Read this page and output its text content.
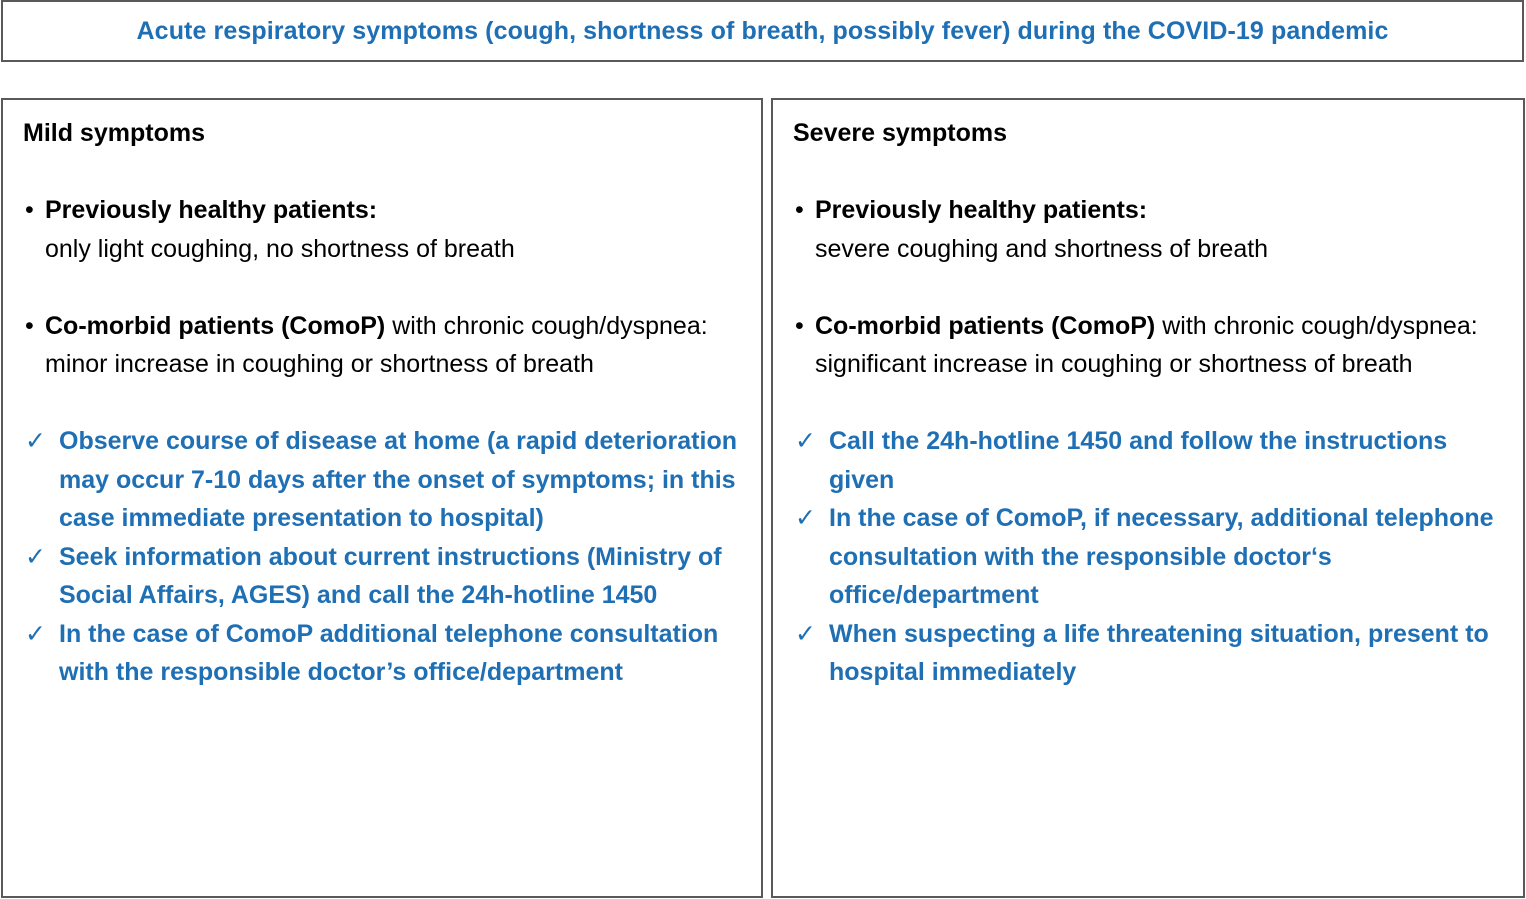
Acute respiratory symptoms (cough, shortness of breath, possibly fever) during the COVID-19 pandemic
Mild symptoms
• Previously healthy patients:
only light coughing, no shortness of breath
• Co-morbid patients (ComoP) with chronic cough/dyspnea: minor increase in coughing or shortness of breath
✓ Observe course of disease at home (a rapid deterioration may occur 7-10 days after the onset of symptoms; in this case immediate presentation to hospital)
✓ Seek information about current instructions (Ministry of Social Affairs, AGES) and call the 24h-hotline 1450
✓ In the case of ComoP additional telephone consultation with the responsible doctor’s office/department
Severe symptoms
• Previously healthy patients:
severe coughing and shortness of breath
• Co-morbid patients (ComoP) with chronic cough/dyspnea: significant increase in coughing or shortness of breath
✓ Call the 24h-hotline 1450 and follow the instructions given
✓ In the case of ComoP, if necessary, additional telephone consultation with the responsible doctor‘s office/department
✓ When suspecting a life threatening situation, present to hospital immediately
